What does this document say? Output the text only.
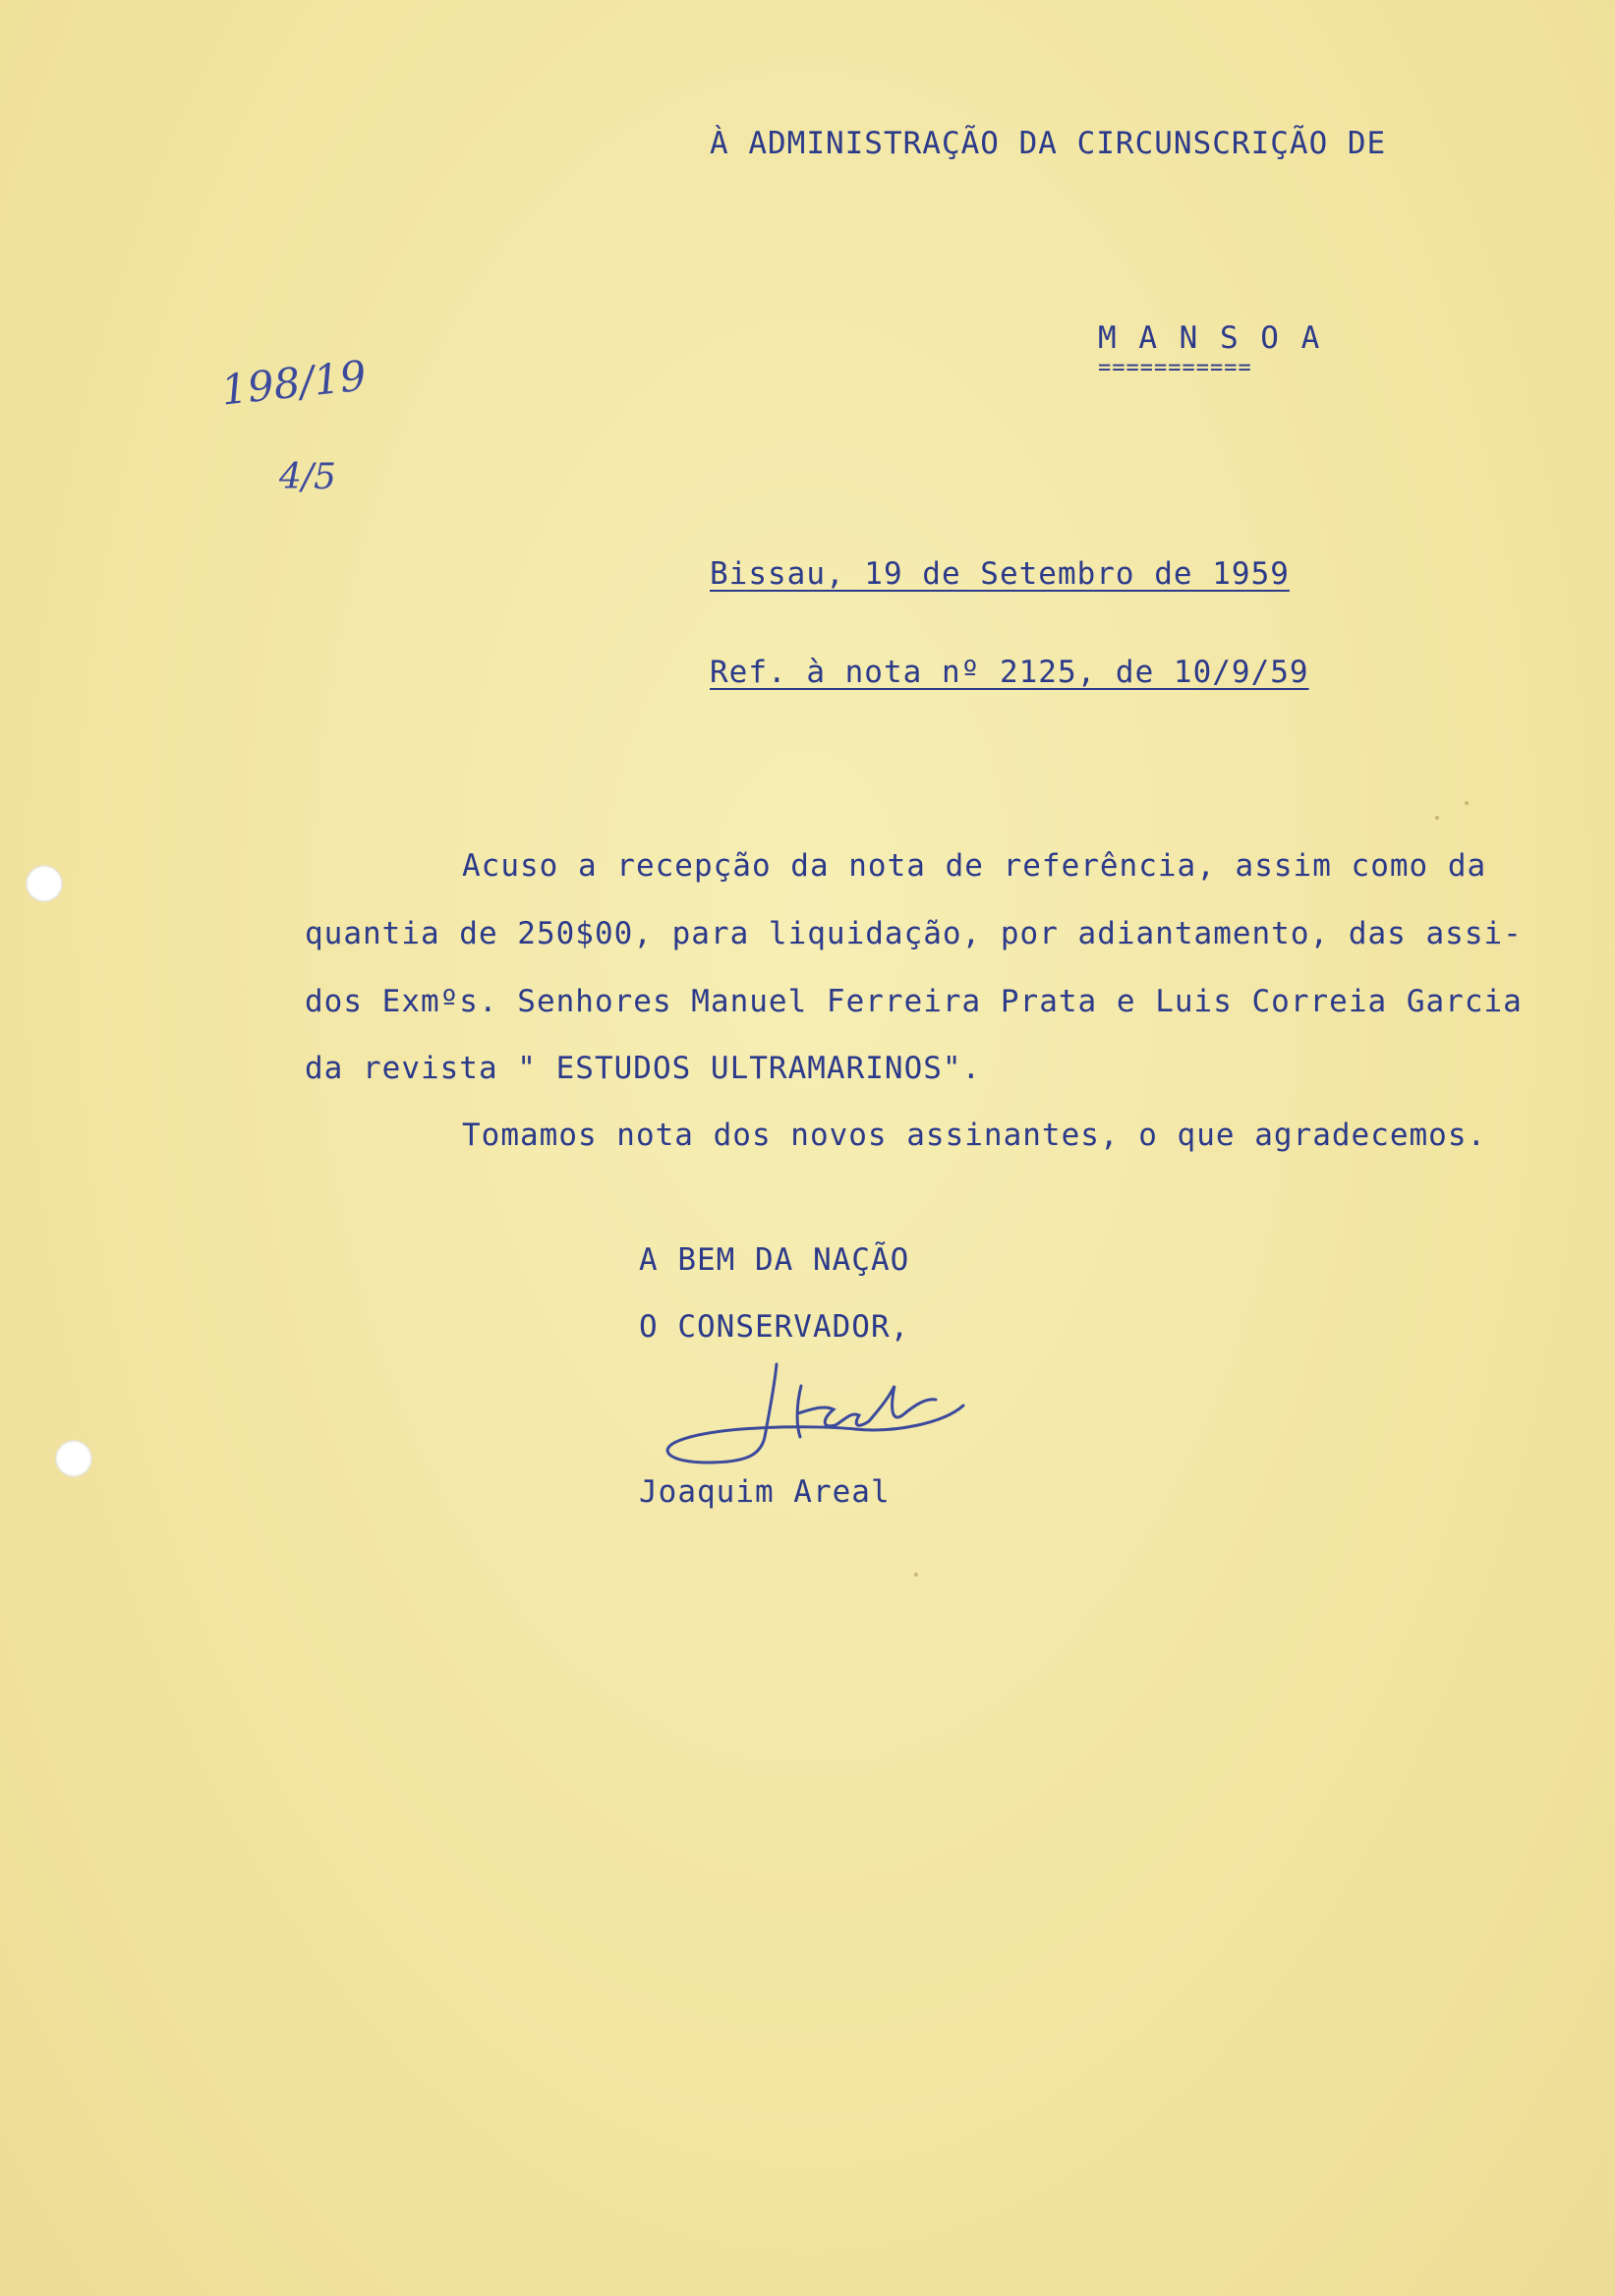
À ADMINISTRAÇÃO DA CIRCUNSCRIÇÃO DE
M A N S O A
===========
198/19
4/5
Bissau, 19 de Setembro de 1959
Ref. à nota nº 2125, de 10/9/59
Acuso a recepção da nota de referência, assim como da
quantia de 250$00, para liquidação, por adiantamento, das assi-
dos Exmºs. Senhores Manuel Ferreira Prata e Luis Correia Garcia
da revista " ESTUDOS ULTRAMARINOS".
Tomamos nota dos novos assinantes, o que agradecemos.
A BEM DA NAÇÃO
O CONSERVADOR,
Joaquim Areal
